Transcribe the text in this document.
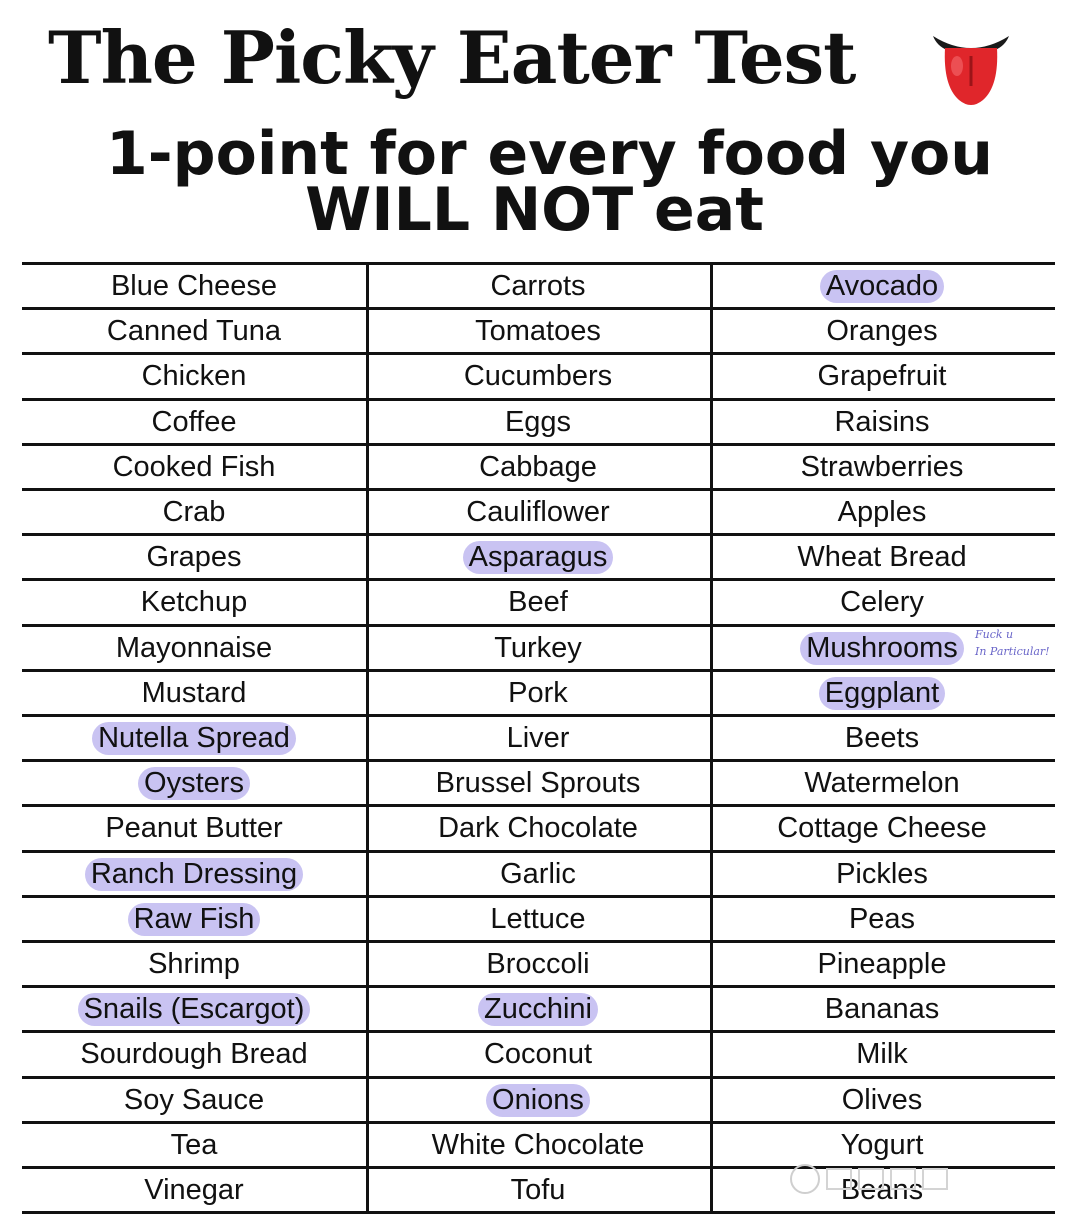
The Picky Eater Test
1-point for every food you
WILL NOT eat
Blue Cheese
Canned Tuna
Chicken
Coffee
Cooked Fish
Crab
Grapes
Ketchup
Mayonnaise
Mustard
Nutella Spread
Oysters
Peanut Butter
Ranch Dressing
Raw Fish
Shrimp
Snails (Escargot)
Sourdough Bread
Soy Sauce
Tea
Vinegar
Carrots
Tomatoes
Cucumbers
Eggs
Cabbage
Cauliflower
Asparagus
Beef
Turkey
Pork
Liver
Brussel Sprouts
Dark Chocolate
Garlic
Lettuce
Broccoli
Zucchini
Coconut
Onions
White Chocolate
Tofu
Avocado
Oranges
Grapefruit
Raisins
Strawberries
Apples
Wheat Bread
Celery
Mushrooms
Eggplant
Beets
Watermelon
Cottage Cheese
Pickles
Peas
Pineapple
Bananas
Milk
Olives
Yogurt
Beans
Fuck u
In Particular!
